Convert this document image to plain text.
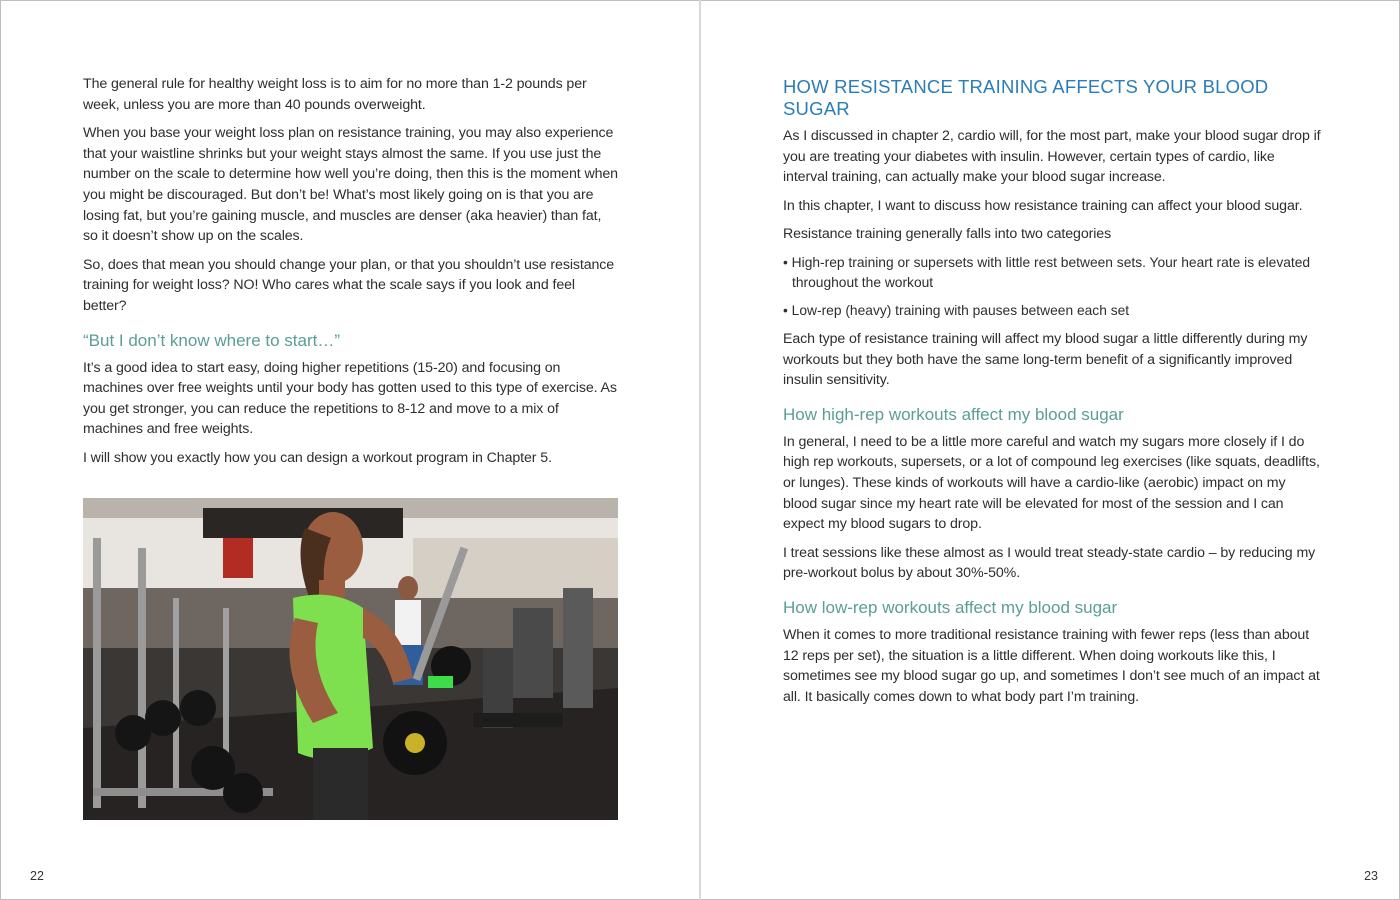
The general rule for healthy weight loss is to aim for no more than 1-2 pounds per week, unless you are more than 40 pounds overweight.

When you base your weight loss plan on resistance training, you may also experience that your waistline shrinks but your weight stays almost the same. If you use just the number on the scale to determine how well you’re doing, then this is the moment when you might be discouraged. But don’t be! What’s most likely going on is that you are losing fat, but you’re gaining muscle, and muscles are denser (aka heavier) than fat, so it doesn’t show up on the scales.

So, does that mean you should change your plan, or that you shouldn’t use resistance training for weight loss? NO! Who cares what the scale says if you look and feel better?

“But I don’t know where to start…”

It’s a good idea to start easy, doing higher repetitions (15-20) and focusing on machines over free weights until your body has gotten used to this type of exercise. As you get stronger, you can reduce the repetitions to 8-12 and move to a mix of machines and free weights.

I will show you exactly how you can design a workout program in Chapter 5.

22
HOW RESISTANCE TRAINING AFFECTS YOUR BLOOD SUGAR

As I discussed in chapter 2, cardio will, for the most part, make your blood sugar drop if you are treating your diabetes with insulin. However, certain types of cardio, like interval training, can actually make your blood sugar increase.

In this chapter, I want to discuss how resistance training can affect your blood sugar.

Resistance training generally falls into two categories

• High-rep training or supersets with little rest between sets. Your heart rate is elevated throughout the workout
• Low-rep (heavy) training with pauses between each set

Each type of resistance training will affect my blood sugar a little differently during my workouts but they both have the same long-term benefit of a significantly improved insulin sensitivity.

How high-rep workouts affect my blood sugar

In general, I need to be a little more careful and watch my sugars more closely if I do high rep workouts, supersets, or a lot of compound leg exercises (like squats, deadlifts, or lunges). These kinds of workouts will have a cardio-like (aerobic) impact on my blood sugar since my heart rate will be elevated for most of the session and I can expect my blood sugars to drop.

I treat sessions like these almost as I would treat steady-state cardio – by reducing my pre-workout bolus by about 30%-50%.

How low-rep workouts affect my blood sugar

When it comes to more traditional resistance training with fewer reps (less than about 12 reps per set), the situation is a little different. When doing workouts like this, I sometimes see my blood sugar go up, and sometimes I don’t see much of an impact at all. It basically comes down to what body part I’m training.

23
